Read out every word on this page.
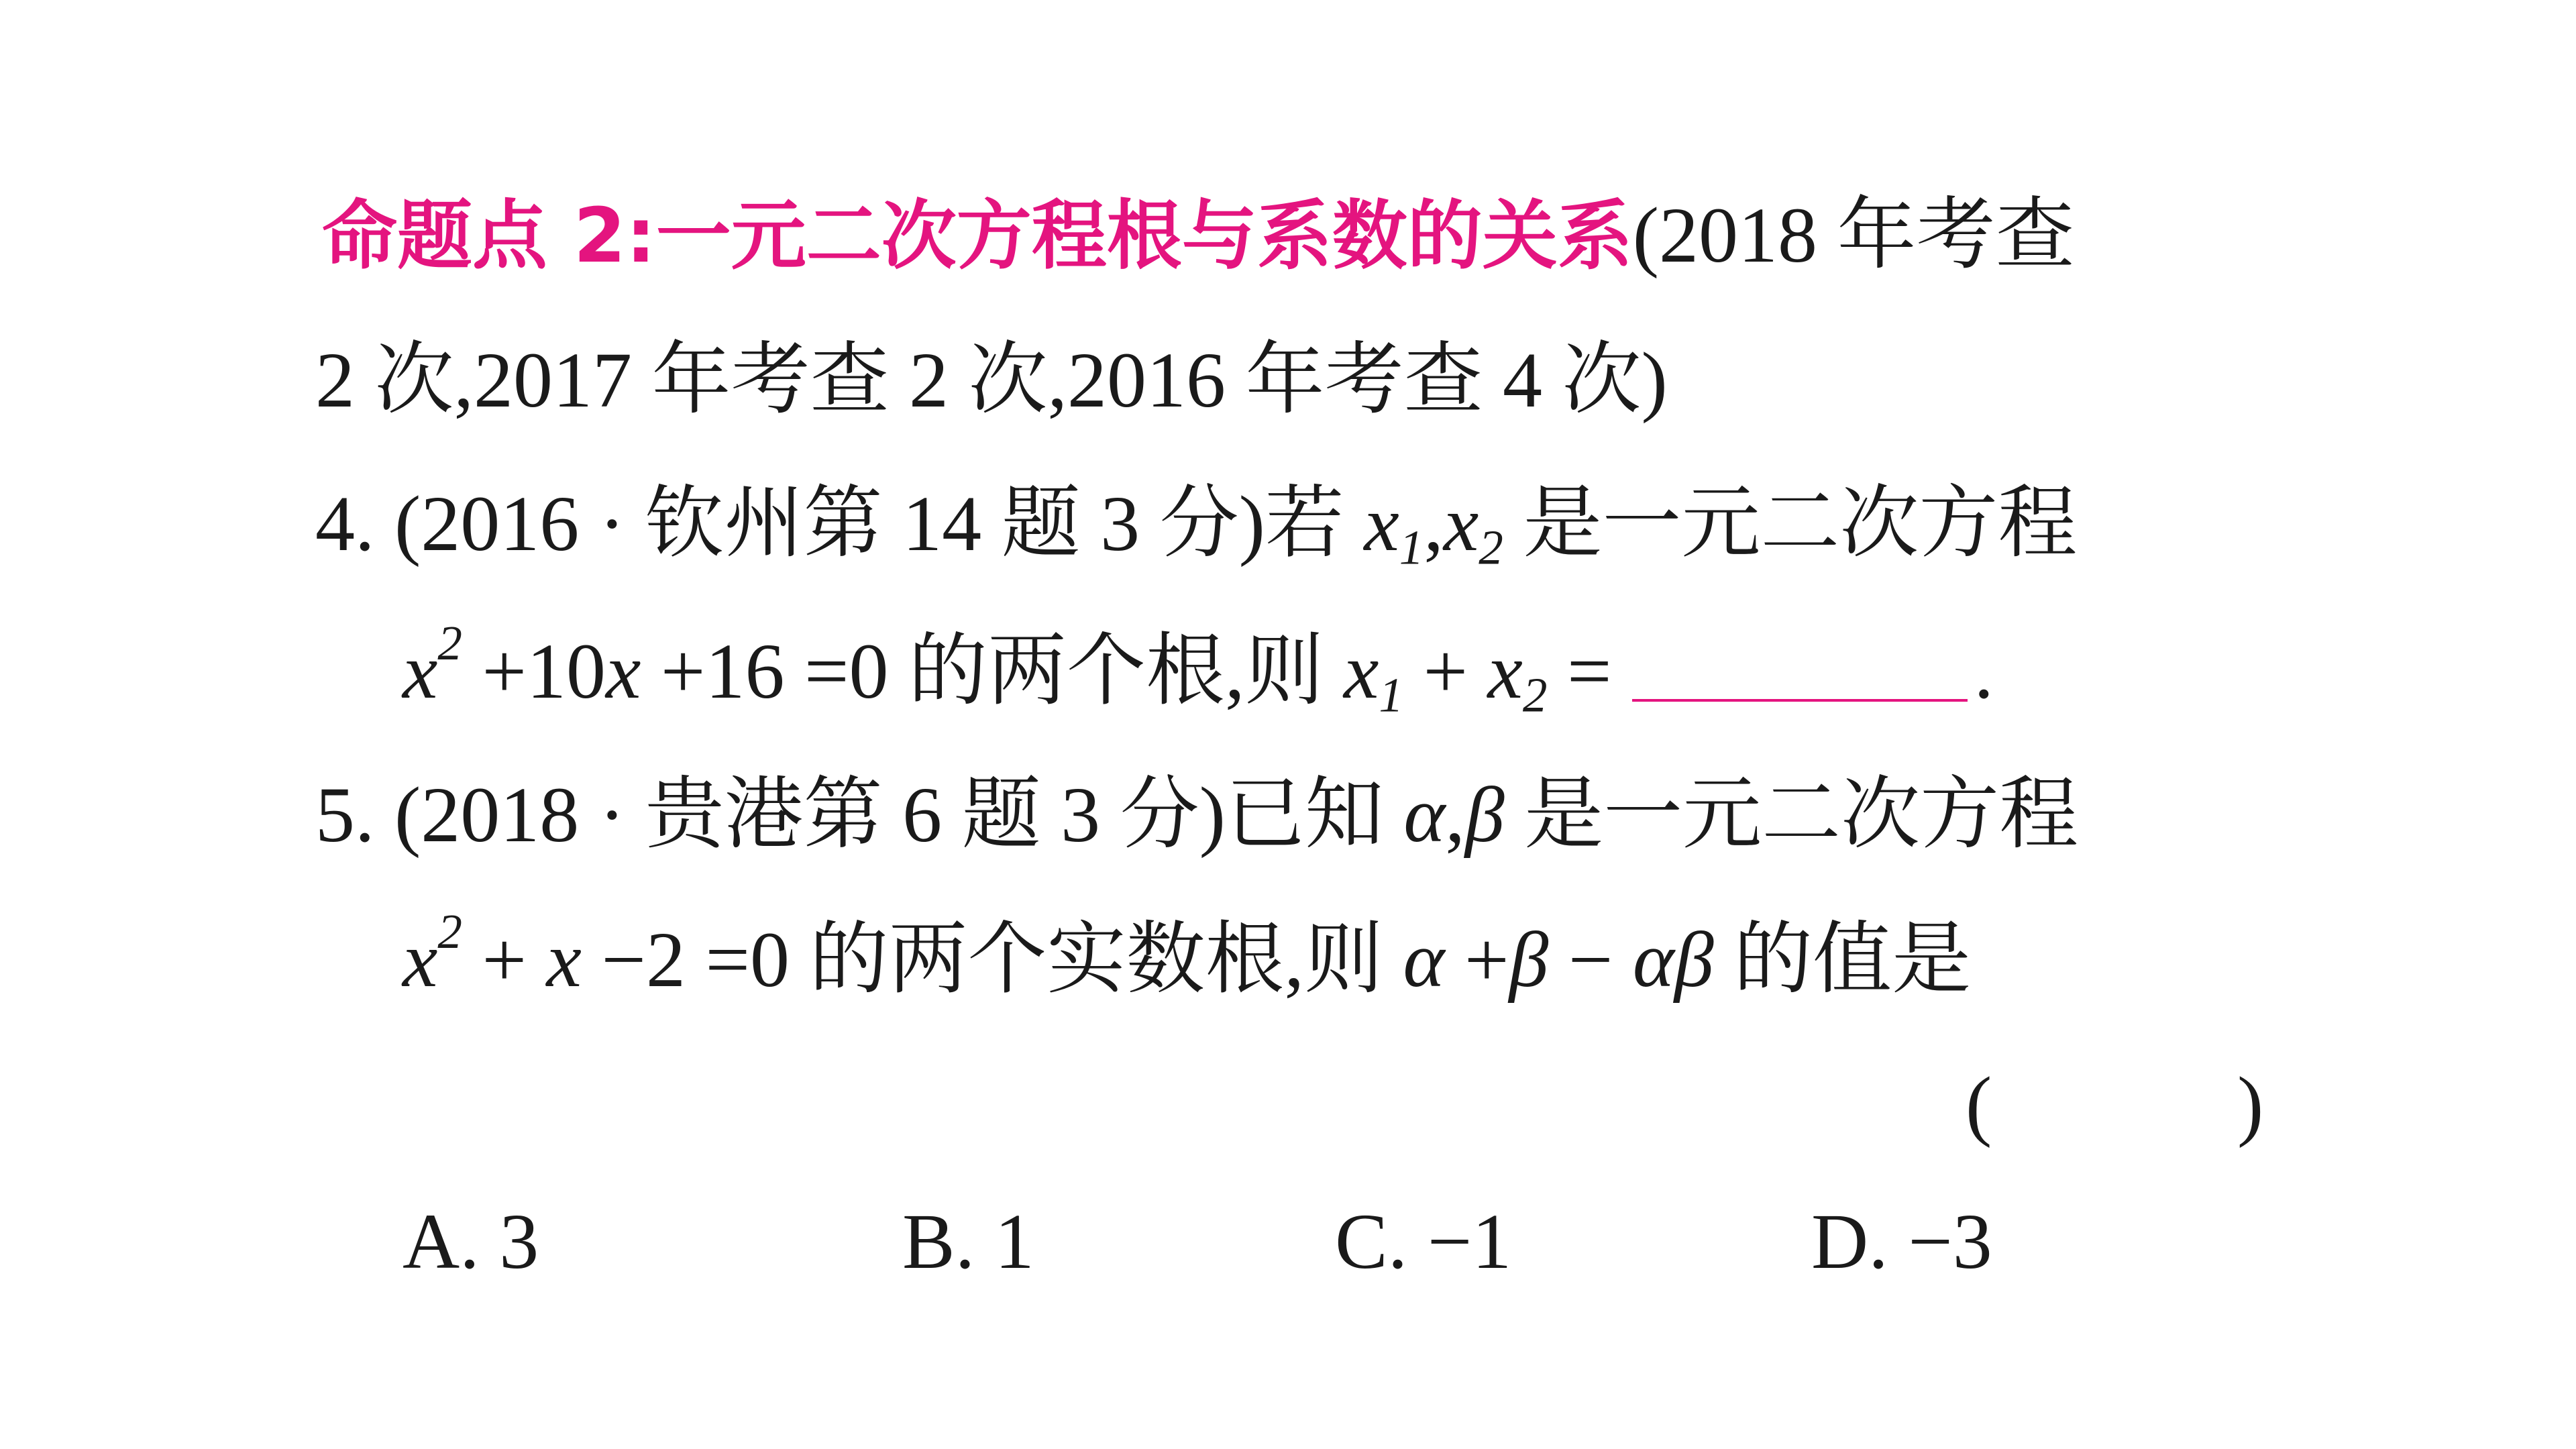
命题点 2:一元二次方程根与系数的关系(2018 年考查
2 次,2017 年考查 2 次,2016 年考查 4 次)
4. (2016 · 钦州第 14 题 3 分)若 $x_1,x_2$ 是一元二次方程
$x^2 +10x +16 =0$ 的两个根,则 $x_1 + x_2$ =	.
5. (2018 · 贵港第 6 题 3 分)已知 α,β 是一元二次方程
$x^2 + x -2 =0$ 的两个实数根,则 α +β − αβ 的值是
(	)
A. 3	B. 1	C. −1	D. −3
